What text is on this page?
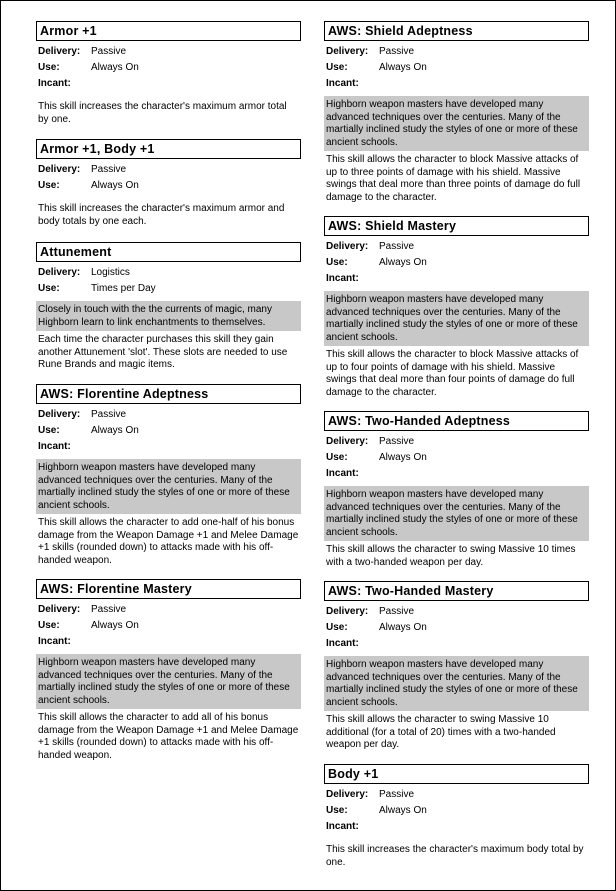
Armor +1
Delivery: Passive
Use:	Always On
Incant:
This skill increases the character's maximum armor total by one.
Armor +1, Body +1
Delivery: Passive
Use:	Always On
This skill increases the character's maximum armor and body totals by one each.
Attunement
Delivery: Logistics
Use:	Times per Day
Closely in touch with the the currents of magic, many Highborn learn to link enchantments to themselves.
Each time the character purchases this skill they gain another Attunement 'slot'. These slots are needed to use Rune Brands and magic items.
AWS: Florentine Adeptness
Delivery: Passive
Use:	Always On
Incant:
Highborn weapon masters have developed many advanced techniques over the centuries. Many of the martially inclined study the styles of one or more of these ancient schools.
This skill allows the character to add one-half of his bonus damage from the Weapon Damage +1 and Melee Damage +1 skills (rounded down) to attacks made with his off-handed weapon.
AWS: Florentine Mastery
Delivery: Passive
Use:	Always On
Incant:
Highborn weapon masters have developed many advanced techniques over the centuries. Many of the martially inclined study the styles of one or more of these ancient schools.
This skill allows the character to add all of his bonus damage from the Weapon Damage +1 and Melee Damage +1 skills (rounded down) to attacks made with his off-handed weapon.
AWS: Shield Adeptness
Delivery: Passive
Use:	Always On
Incant:
Highborn weapon masters have developed many advanced techniques over the centuries. Many of the martially inclined study the styles of one or more of these ancient schools.
This skill allows the character to block Massive attacks of up to three points of damage with his shield. Massive swings that deal more than three points of damage do full damage to the character.
AWS: Shield Mastery
Delivery: Passive
Use:	Always On
Incant:
Highborn weapon masters have developed many advanced techniques over the centuries. Many of the martially inclined study the styles of one or more of these ancient schools.
This skill allows the character to block Massive attacks of up to four points of damage with his shield. Massive swings that deal more than four points of damage do full damage to the character.
AWS: Two-Handed Adeptness
Delivery: Passive
Use:	Always On
Incant:
Highborn weapon masters have developed many advanced techniques over the centuries. Many of the martially inclined study the styles of one or more of these ancient schools.
This skill allows the character to swing Massive 10 times with a two-handed weapon per day.
AWS: Two-Handed Mastery
Delivery: Passive
Use:	Always On
Incant:
Highborn weapon masters have developed many advanced techniques over the centuries. Many of the martially inclined study the styles of one or more of these ancient schools.
This skill allows the character to swing Massive 10 additional (for a total of 20) times with a two-handed weapon per day.
Body +1
Delivery: Passive
Use:	Always On
Incant:
This skill increases the character's maximum body total by one.
